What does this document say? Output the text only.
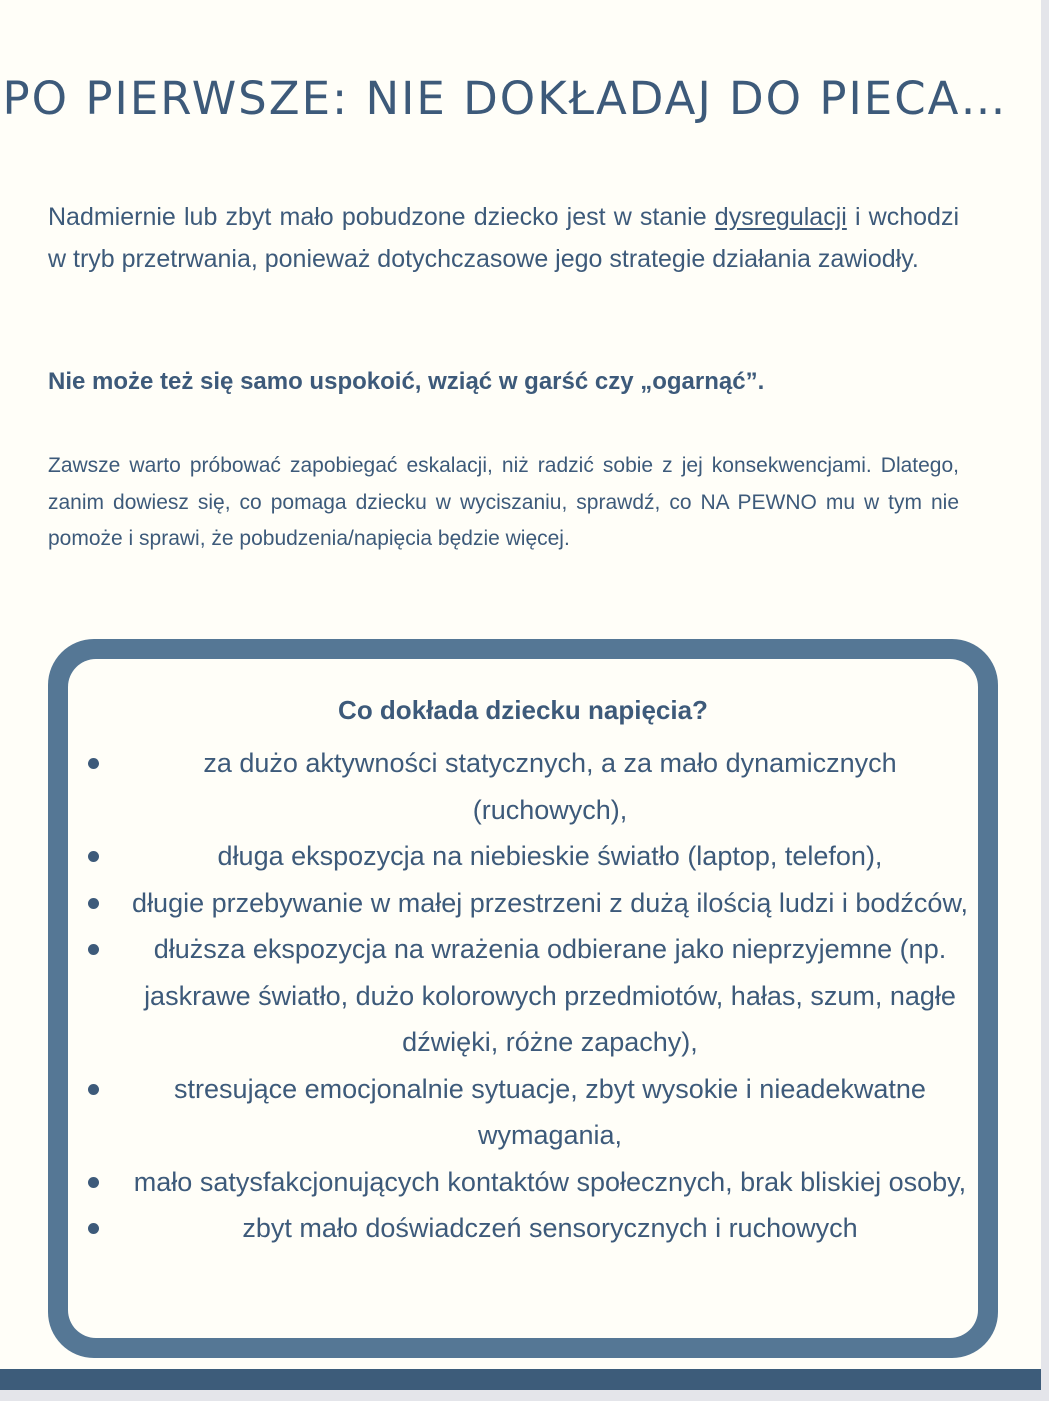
PO PIERWSZE: NIE DOKŁADAJ DO PIECA…

Nadmiernie lub zbyt mało pobudzone dziecko jest w stanie dysregulacji i wchodzi w tryb przetrwania, ponieważ dotychczasowe jego strategie działania zawiodły.

Nie może też się samo uspokoić, wziąć w garść czy „ogarnąć”.

Zawsze warto próbować zapobiegać eskalacji, niż radzić sobie z jej konsekwencjami. Dlatego, zanim dowiesz się, co pomaga dziecku w wyciszaniu, sprawdź, co NA PEWNO mu w tym nie pomoże i sprawi, że pobudzenia/napięcia będzie więcej.

Co dokłada dziecku napięcia?
za dużo aktywności statycznych, a za mało dynamicznych (ruchowych),
długa ekspozycja na niebieskie światło (laptop, telefon),
długie przebywanie w małej przestrzeni z dużą ilością ludzi i bodźców,
dłuższa ekspozycja na wrażenia odbierane jako nieprzyjemne (np. jaskrawe światło, dużo kolorowych przedmiotów, hałas, szum, nagłe dźwięki, różne zapachy),
stresujące emocjonalnie sytuacje, zbyt wysokie i nieadekwatne wymagania,
mało satysfakcjonujących kontaktów społecznych, brak bliskiej osoby,
zbyt mało doświadczeń sensorycznych i ruchowych
